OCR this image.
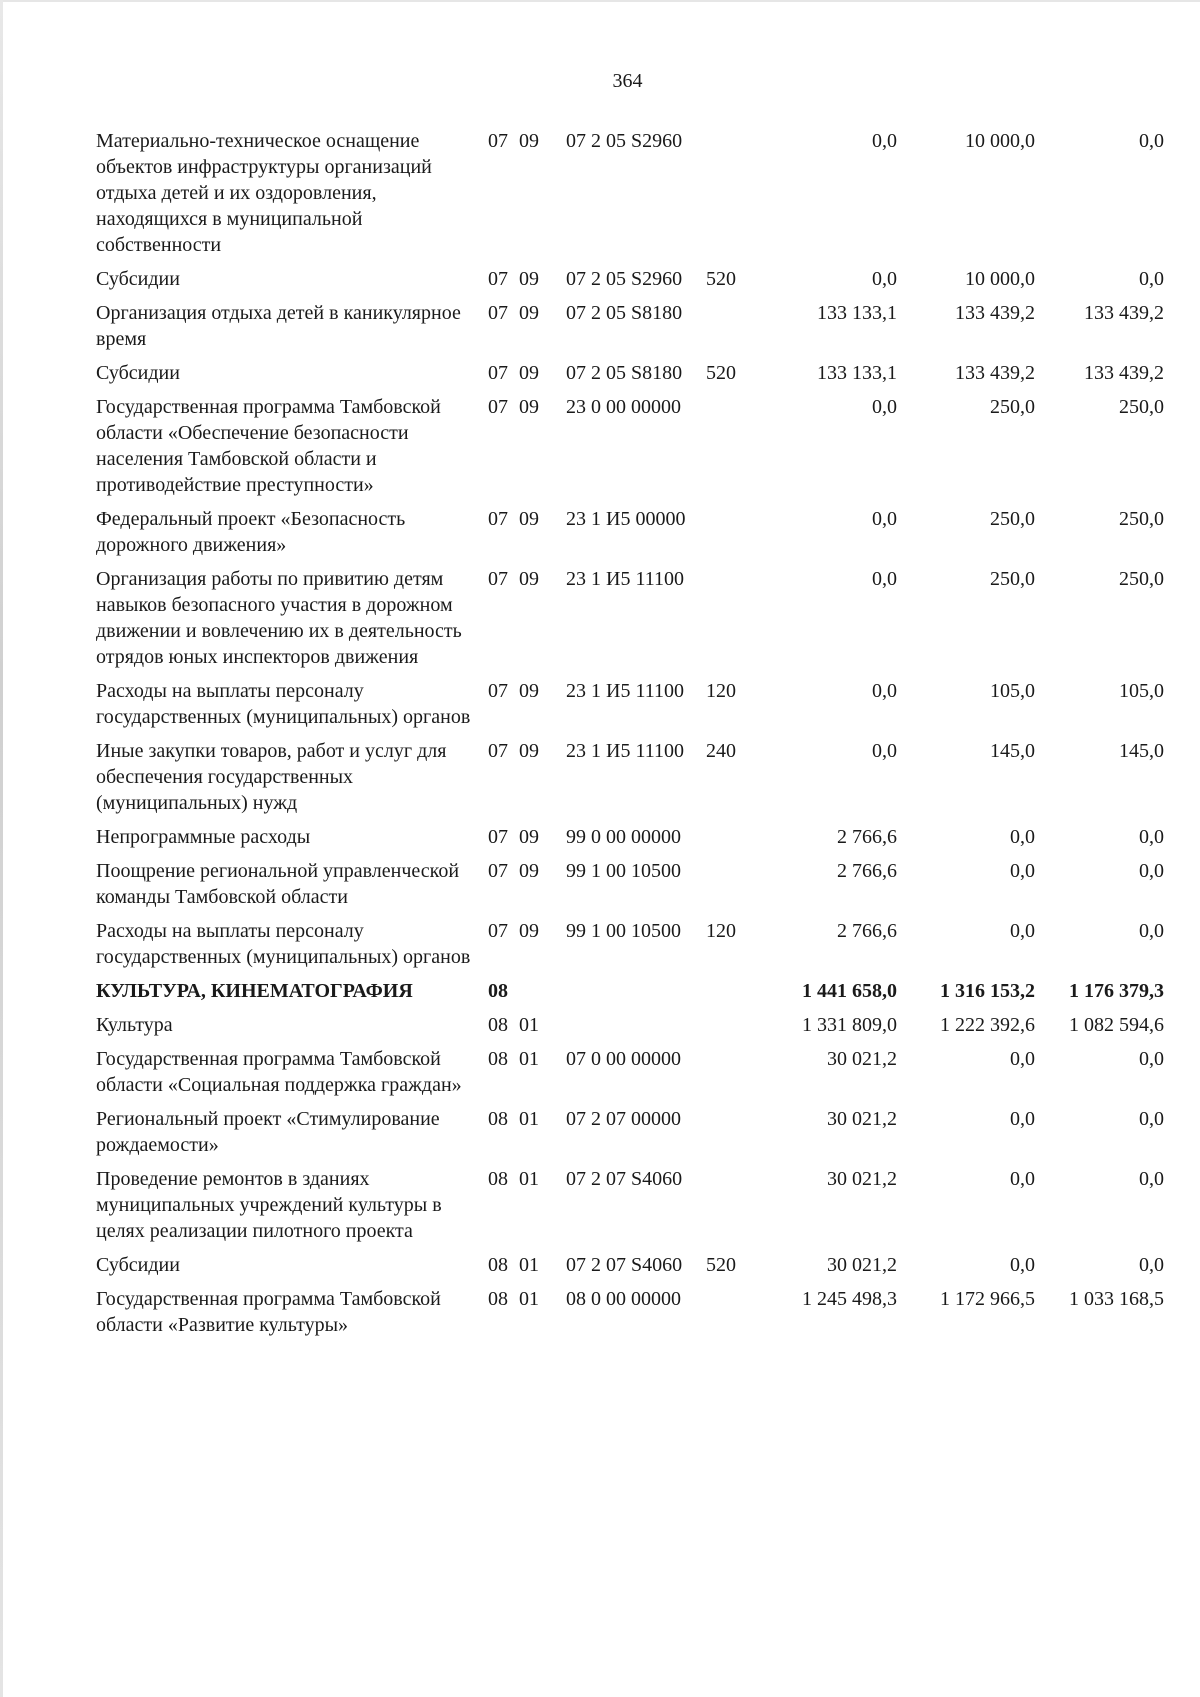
364
Материально-техническое оснащение объектов инфраструктуры организаций отдыха детей и их оздоровления, находящихся в муниципальной собственности	07	09	07 2 05 S2960		0,0	10 000,0	0,0
Субсидии	07	09	07 2 05 S2960	520	0,0	10 000,0	0,0
Организация отдыха детей в каникулярное время	07	09	07 2 05 S8180		133 133,1	133 439,2	133 439,2
Субсидии	07	09	07 2 05 S8180	520	133 133,1	133 439,2	133 439,2
Государственная программа Тамбовской области «Обеспечение безопасности населения Тамбовской области и противодействие преступности»	07	09	23 0 00 00000		0,0	250,0	250,0
Федеральный проект «Безопасность дорожного движения»	07	09	23 1 И5 00000		0,0	250,0	250,0
Организация работы по привитию детям навыков безопасного участия в дорожном движении и вовлечению их в деятельность отрядов юных инспекторов движения	07	09	23 1 И5 11100		0,0	250,0	250,0
Расходы на выплаты персоналу государственных (муниципальных) органов	07	09	23 1 И5 11100	120	0,0	105,0	105,0
Иные закупки товаров, работ и услуг для обеспечения государственных (муниципальных) нужд	07	09	23 1 И5 11100	240	0,0	145,0	145,0
Непрограммные расходы	07	09	99 0 00 00000		2 766,6	0,0	0,0
Поощрение региональной управленческой команды Тамбовской области	07	09	99 1 00 10500		2 766,6	0,0	0,0
Расходы на выплаты персоналу государственных (муниципальных) органов	07	09	99 1 00 10500	120	2 766,6	0,0	0,0
КУЛЬТУРА, КИНЕМАТОГРАФИЯ	08				1 441 658,0	1 316 153,2	1 176 379,3
Культура	08	01			1 331 809,0	1 222 392,6	1 082 594,6
Государственная программа Тамбовской области «Социальная поддержка граждан»	08	01	07 0 00 00000		30 021,2	0,0	0,0
Региональный проект «Стимулирование рождаемости»	08	01	07 2 07 00000		30 021,2	0,0	0,0
Проведение ремонтов в зданиях муниципальных учреждений культуры в целях реализации пилотного проекта	08	01	07 2 07 S4060		30 021,2	0,0	0,0
Субсидии	08	01	07 2 07 S4060	520	30 021,2	0,0	0,0
Государственная программа Тамбовской области «Развитие культуры»	08	01	08 0 00 00000		1 245 498,3	1 172 966,5	1 033 168,5
